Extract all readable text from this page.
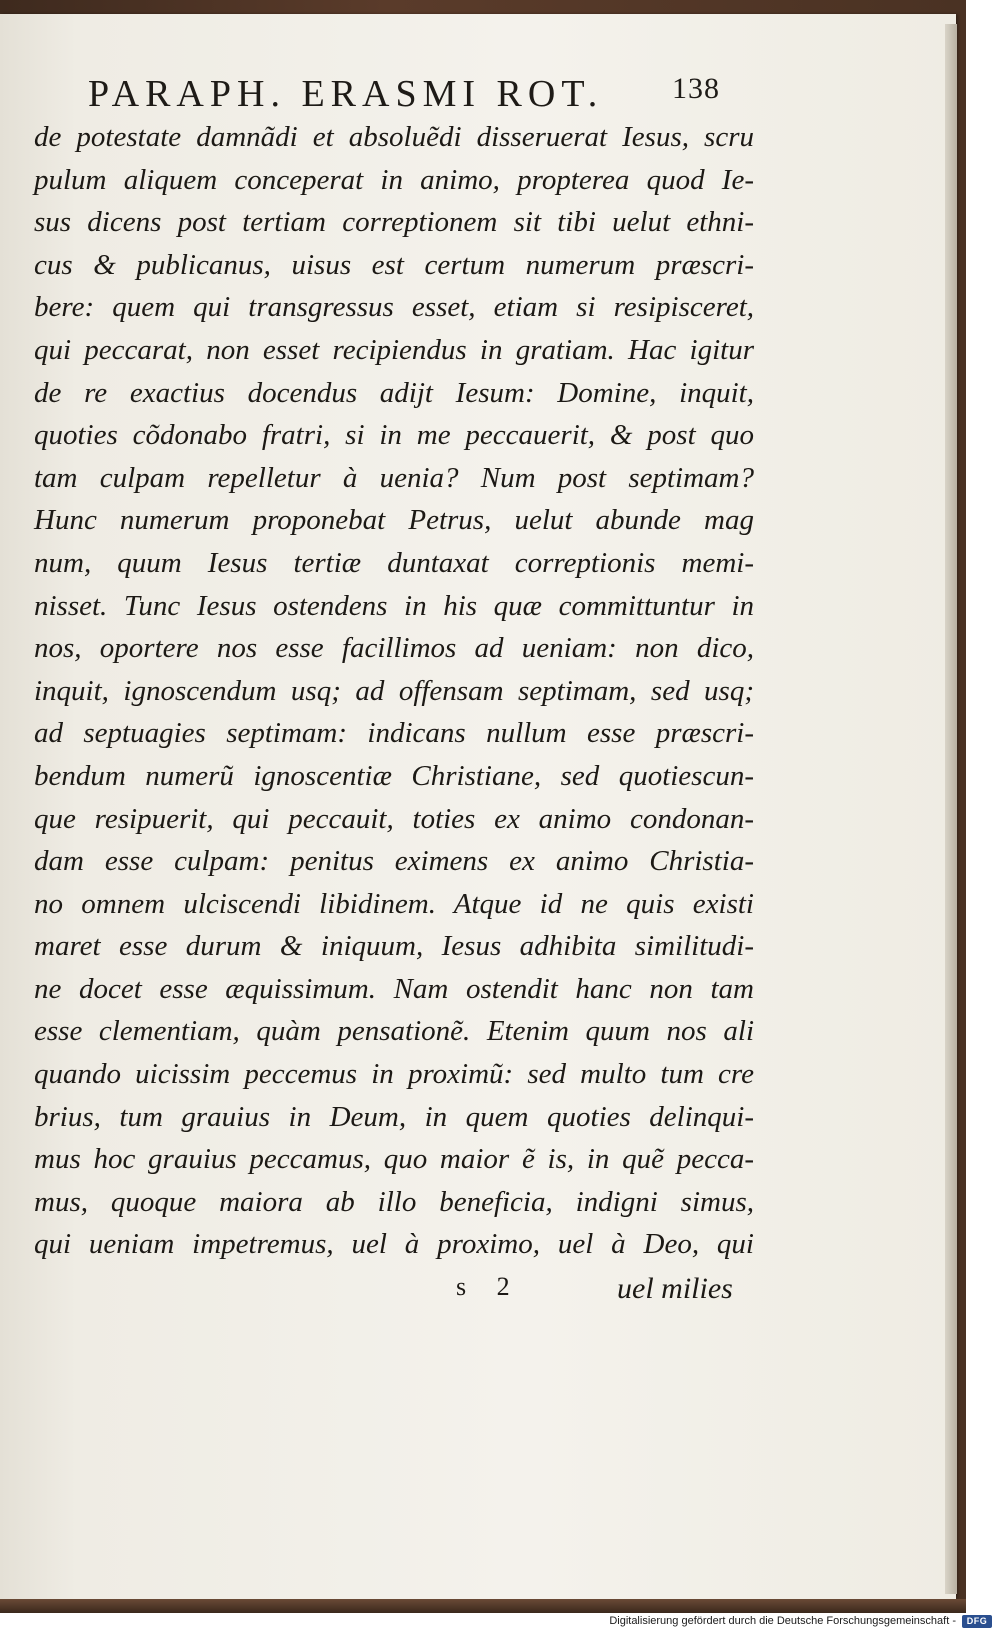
PARAPH. ERASMI ROT.	138
de potestate damnãdi et absoluẽdi disseruerat Iesus, scru
pulum aliquem conceperat in animo, propterea quod Ie-
sus dicens post tertiam correptionem sit tibi uelut ethni-
cus & publicanus, uisus est certum numerum præscri-
bere: quem qui transgressus esset, etiam si resipisceret,
qui peccarat, non esset recipiendus in gratiam. Hac igitur
de re exactius docendus adijt Iesum: Domine, inquit,
quoties cõdonabo fratri, si in me peccauerit, & post quo
tam culpam repelletur à uenia? Num post septimam?
Hunc numerum proponebat Petrus, uelut abunde mag
num, quum Iesus tertiæ duntaxat correptionis memi-
nisset. Tunc Iesus ostendens in his quæ committuntur in
nos, oportere nos esse facillimos ad ueniam: non dico,
inquit, ignoscendum usq; ad offensam septimam, sed usq;
ad septuagies septimam: indicans nullum esse præscri-
bendum numerũ ignoscentiæ Christiane, sed quotiescun-
que resipuerit, qui peccauit, toties ex animo condonan-
dam esse culpam: penitus eximens ex animo Christia-
no omnem ulciscendi libidinem. Atque id ne quis existi
maret esse durum & iniquum, Iesus adhibita similitudi-
ne docet esse æquissimum. Nam ostendit hanc non tam
esse clementiam, quàm pensationẽ. Etenim quum nos ali
quando uicissim peccemus in proximũ: sed multo tum cre
brius, tum grauius in Deum, in quem quoties delinqui-
mus hoc grauius peccamus, quo maior ẽ is, in quẽ pecca-
mus, quoque maiora ab illo beneficia, indigni simus,
qui ueniam impetremus, uel à proximo, uel à Deo, qui
s 2	uel milies
Digitalisierung gefördert durch die Deutsche Forschungsgemeinschaft -	DFG
